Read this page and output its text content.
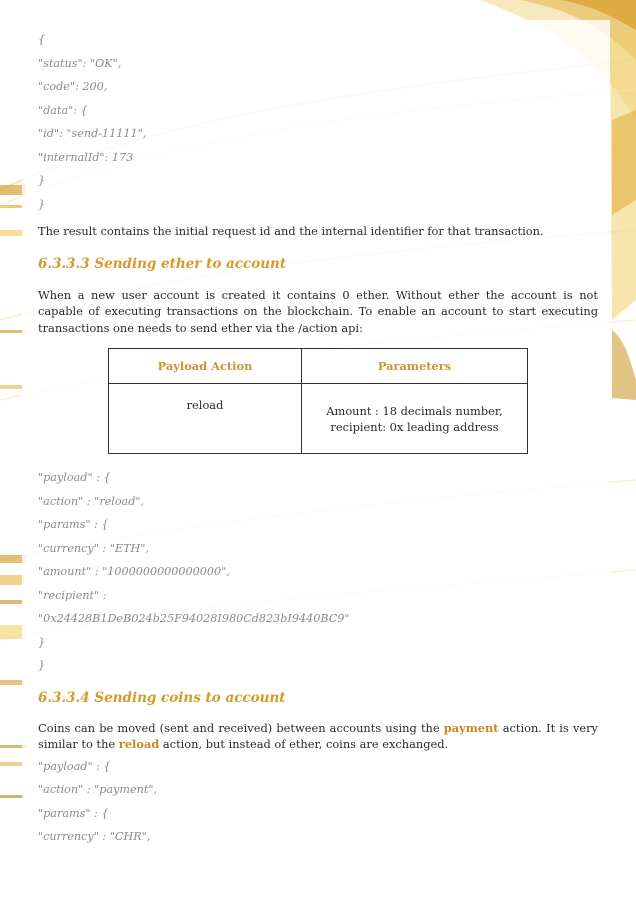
{
"status": "OK",
"code": 200,
"data": {
"id": "send-11111",
"internalId": 173
}
}

The result contains the initial request id and the internal identifier for that transaction.

6.3.3.3 Sending ether to account

When a new user account is created it contains 0 ether. Without ether the account is not capable of executing transactions on the blockchain. To enable an account to start executing transactions one needs to send ether via the /action api:

Payload Action	Parameters
reload	Amount : 18 decimals number,
recipient: 0x leading address
"payload" : {
"action" : "reload",
"params" : {
"currency" : "ETH",
"amount" : "1000000000000000",
"recipient" :
"0x24428B1DeB024b25F94028I980Cd823bI9440BC9"
}
}
6.3.3.4 Sending coins to account

Coins can be moved (sent and received) between accounts using the payment action. It is very similar to the reload action, but instead of ether, coins are exchanged.

"payload" : {
"action" : "payment",
"params" : {
"currency" : "CHR",
